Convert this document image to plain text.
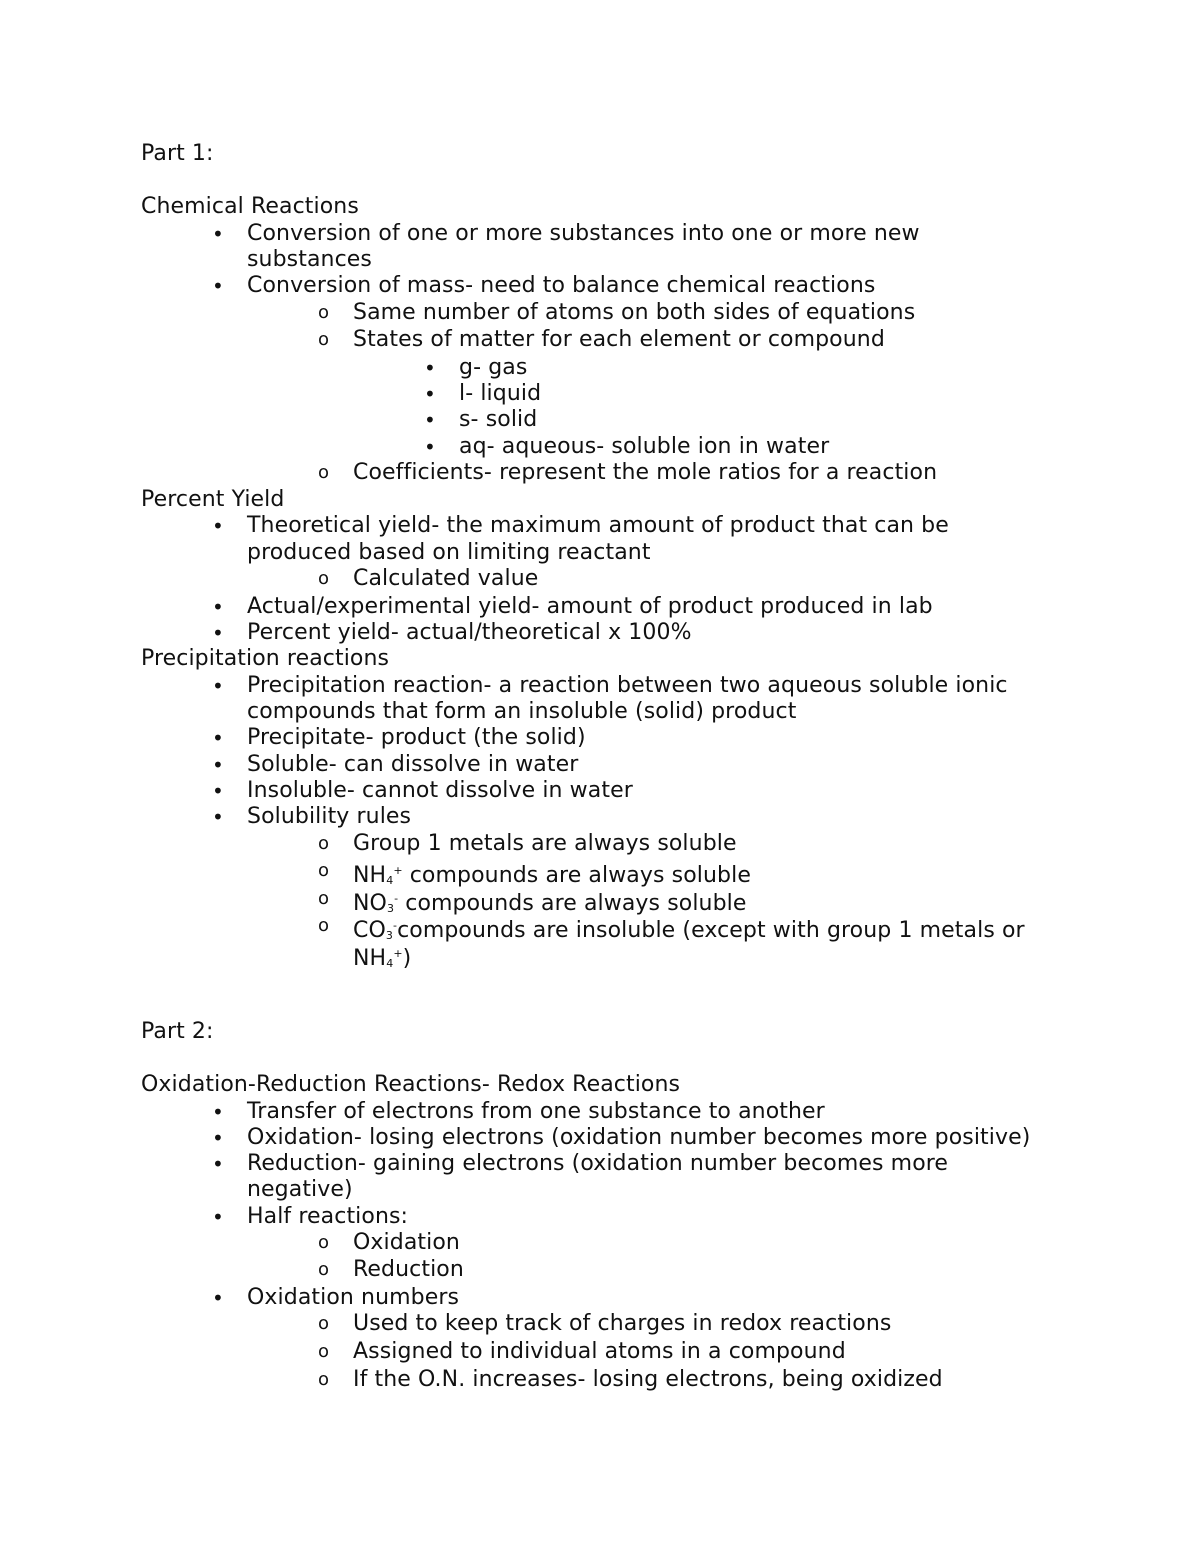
Part 1:
Chemical Reactions
• Conversion of one or more substances into one or more new
substances
• Conversion of mass- need to balance chemical reactions
o Same number of atoms on both sides of equations
o States of matter for each element or compound
• g- gas
• l- liquid
• s- solid
• aq- aqueous- soluble ion in water
o Coefficients- represent the mole ratios for a reaction
Percent Yield
• Theoretical yield- the maximum amount of product that can be
produced based on limiting reactant
o Calculated value
• Actual/experimental yield- amount of product produced in lab
• Percent yield- actual/theoretical x 100%
Precipitation reactions
• Precipitation reaction- a reaction between two aqueous soluble ionic
compounds that form an insoluble (solid) product
• Precipitate- product (the solid)
• Soluble- can dissolve in water
• Insoluble- cannot dissolve in water
• Solubility rules
o Group 1 metals are always soluble
o $NH_4^+$ compounds are always soluble
o $NO_3^-$ compounds are always soluble
o $CO_3^-compounds$ are insoluble (except with group 1 metals or
$NH_4^+$)
Part 2:
Oxidation-Reduction Reactions- Redox Reactions
• Transfer of electrons from one substance to another
• Oxidation- losing electrons (oxidation number becomes more positive)
• Reduction- gaining electrons (oxidation number becomes more
negative)
• Half reactions:
o Oxidation
o Reduction
• Oxidation numbers
o Used to keep track of charges in redox reactions
o Assigned to individual atoms in a compound
o If the O.N. increases- losing electrons, being oxidized
